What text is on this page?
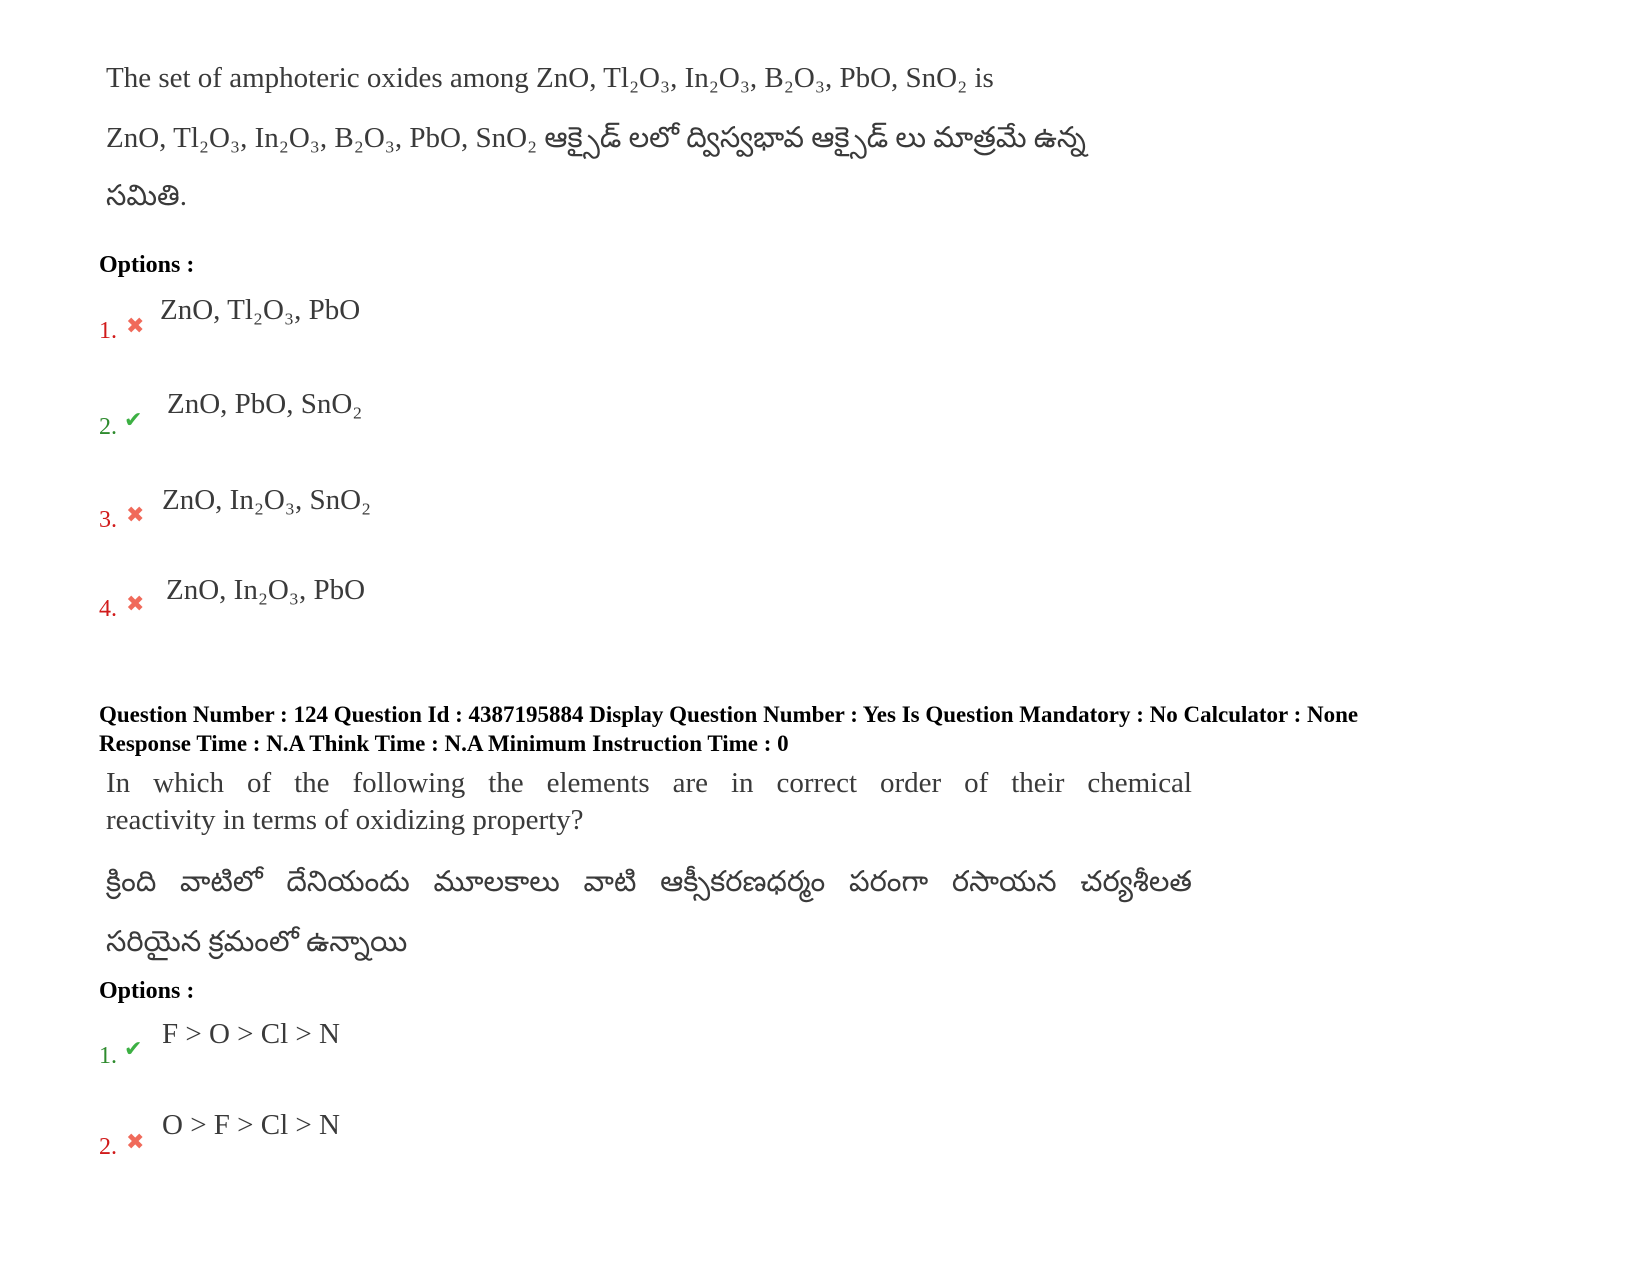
The set of amphoteric oxides among ZnO, Tl₂O₃, In₂O₃, B₂O₃, PbO, SnO₂ is
ZnO, Tl₂O₃, In₂O₃, B₂O₃, PbO, SnO₂ ఆక్సైడ్ లలో ద్విస్వభావ ఆక్సైడ్ లు మాత్రమే ఉన్న
సమితి.
Options :
1. ✖
ZnO, Tl₂O₃, PbO
2. ✔
ZnO, PbO, SnO₂
3. ✖ ZnO, In₂O₃, SnO₂
4. ✖ ZnO, In₂O₃, PbO
Question Number : 124 Question Id : 4387195884 Display Question Number : Yes Is Question Mandatory : No Calculator : None
Response Time : N.A Think Time : N.A Minimum Instruction Time : 0
In which of the following the elements are in correct order of their chemical
reactivity in terms of oxidizing property?
క్రింది వాటిలో దేనియందు మూలకాలు వాటి ఆక్సీకరణధర్మం పరంగా రసాయన చర్యశీలత
సరియైన క్రమంలో ఉన్నాయి
Options :
1. ✔ F > O > Cl > N
2. ✖
O > F > Cl > N
